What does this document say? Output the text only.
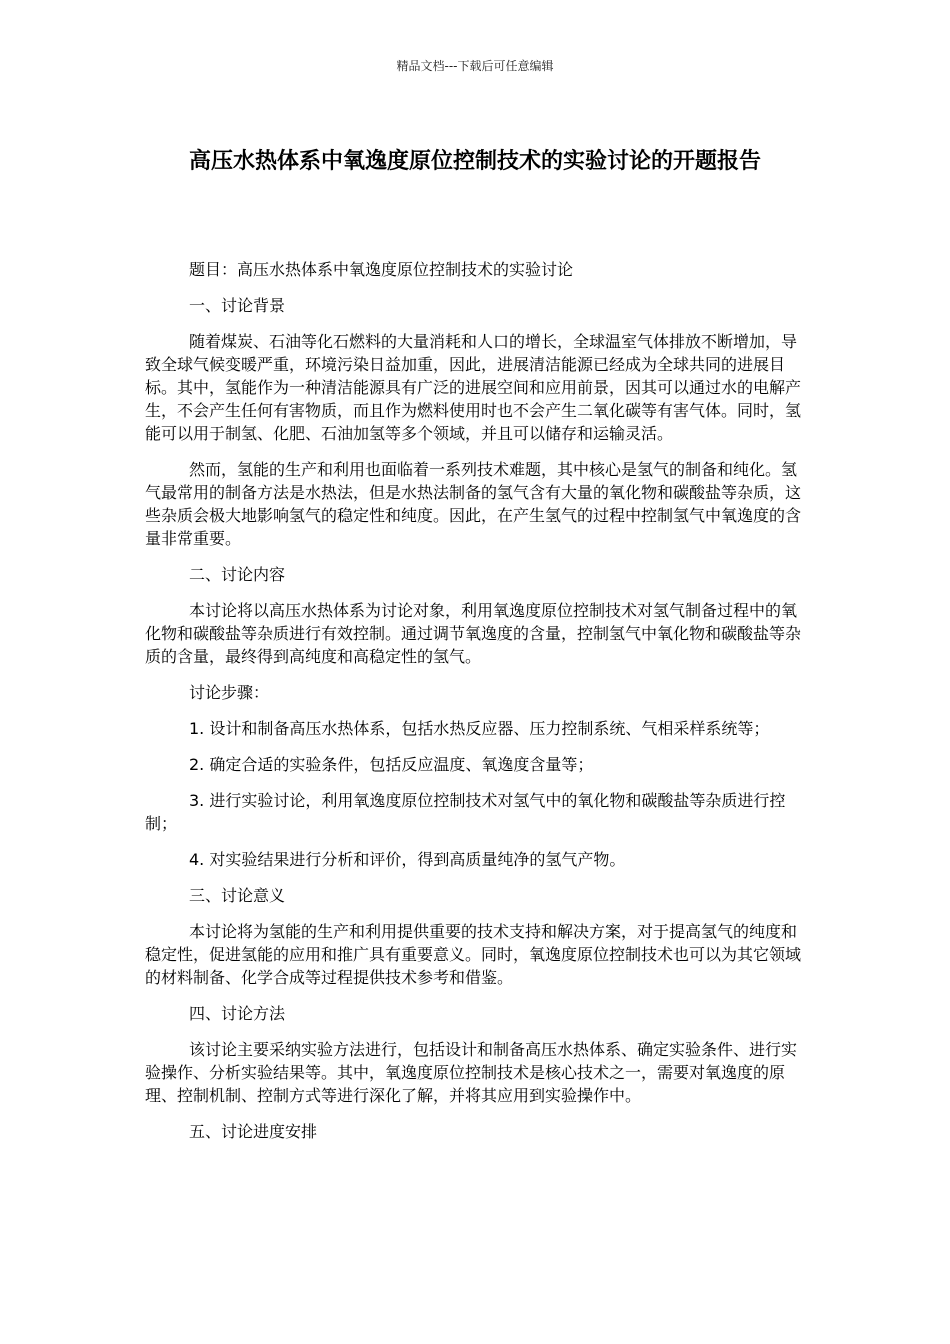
精品文档---下载后可任意编辑
高压水热体系中氧逸度原位控制技术的实验讨论的开题报告

题目：高压水热体系中氧逸度原位控制技术的实验讨论

一、讨论背景

随着煤炭、石油等化石燃料的大量消耗和人口的增长，全球温室气体排放不断增加，导致全球气候变暖严重，环境污染日益加重，因此，进展清洁能源已经成为全球共同的进展目标。其中，氢能作为一种清洁能源具有广泛的进展空间和应用前景，因其可以通过水的电解产生，不会产生任何有害物质，而且作为燃料使用时也不会产生二氧化碳等有害气体。同时，氢能可以用于制氢、化肥、石油加氢等多个领域，并且可以储存和运输灵活。

然而，氢能的生产和利用也面临着一系列技术难题，其中核心是氢气的制备和纯化。氢气最常用的制备方法是水热法，但是水热法制备的氢气含有大量的氧化物和碳酸盐等杂质，这些杂质会极大地影响氢气的稳定性和纯度。因此，在产生氢气的过程中控制氢气中氧逸度的含量非常重要。

二、讨论内容

本讨论将以高压水热体系为讨论对象，利用氧逸度原位控制技术对氢气制备过程中的氧化物和碳酸盐等杂质进行有效控制。通过调节氧逸度的含量，控制氢气中氧化物和碳酸盐等杂质的含量，最终得到高纯度和高稳定性的氢气。

讨论步骤：

1. 设计和制备高压水热体系，包括水热反应器、压力控制系统、气相采样系统等；

2. 确定合适的实验条件，包括反应温度、氧逸度含量等；

3. 进行实验讨论，利用氧逸度原位控制技术对氢气中的氧化物和碳酸盐等杂质进行控制；

4. 对实验结果进行分析和评价，得到高质量纯净的氢气产物。

三、讨论意义

本讨论将为氢能的生产和利用提供重要的技术支持和解决方案，对于提高氢气的纯度和稳定性，促进氢能的应用和推广具有重要意义。同时，氧逸度原位控制技术也可以为其它领域的材料制备、化学合成等过程提供技术参考和借鉴。

四、讨论方法

该讨论主要采纳实验方法进行，包括设计和制备高压水热体系、确定实验条件、进行实验操作、分析实验结果等。其中，氧逸度原位控制技术是核心技术之一，需要对氧逸度的原理、控制机制、控制方式等进行深化了解，并将其应用到实验操作中。

五、讨论进度安排
